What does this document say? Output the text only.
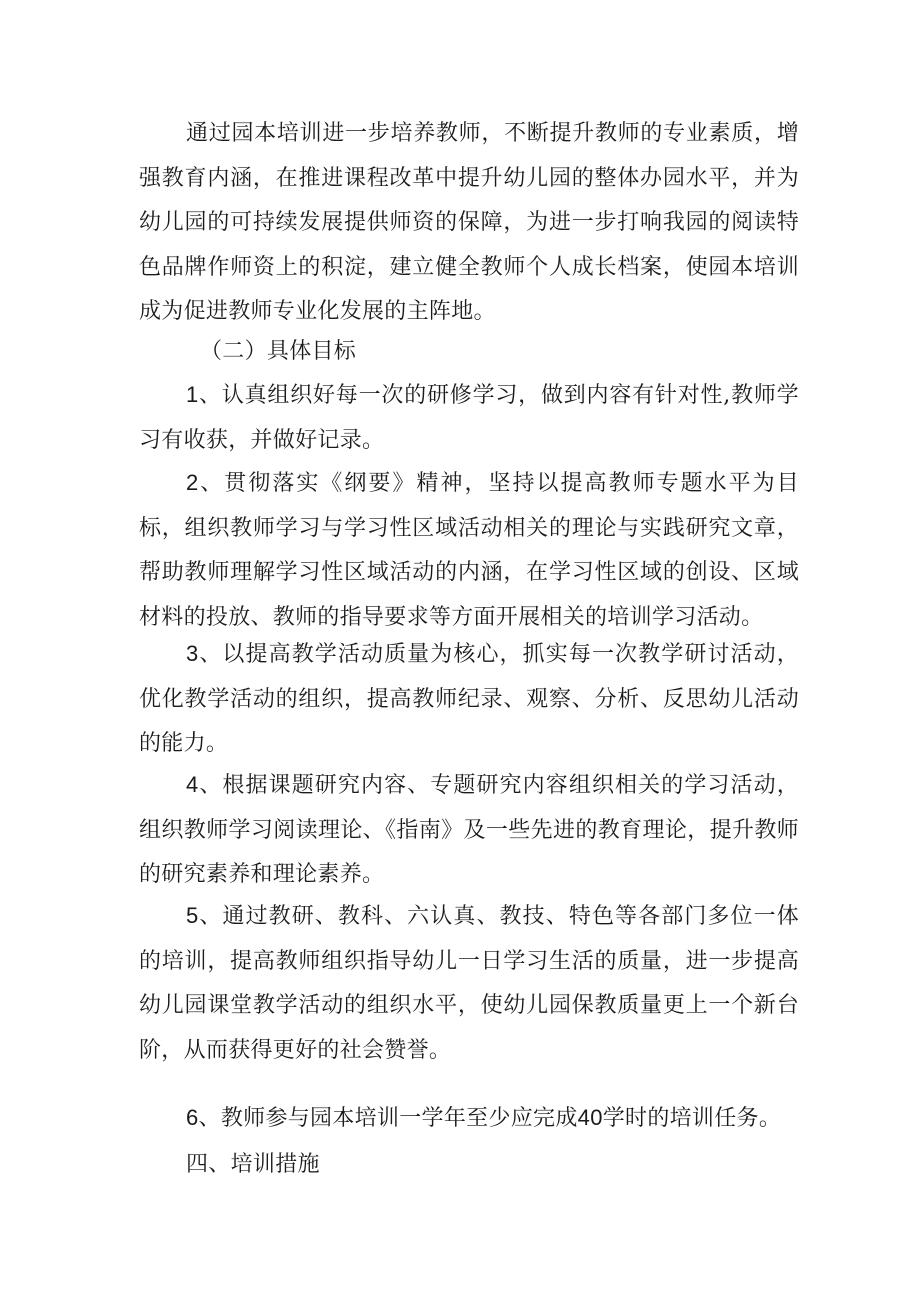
通过园本培训进一步培养教师，不断提升教师的专业素质，增强教育内涵，在推进课程改革中提升幼儿园的整体办园水平，并为幼儿园的可持续发展提供师资的保障，为进一步打响我园的阅读特色品牌作师资上的积淀，建立健全教师个人成长档案，使园本培训成为促进教师专业化发展的主阵地。

（二）具体目标

1、认真组织好每一次的研修学习，做到内容有针对性,教师学习有收获，并做好记录。

2、贯彻落实《纲要》精神，坚持以提高教师专题水平为目标，组织教师学习与学习性区域活动相关的理论与实践研究文章，帮助教师理解学习性区域活动的内涵，在学习性区域的创设、区域材料的投放、教师的指导要求等方面开展相关的培训学习活动。

3、以提高教学活动质量为核心，抓实每一次教学研讨活动，优化教学活动的组织，提高教师纪录、观察、分析、反思幼儿活动的能力。

4、根据课题研究内容、专题研究内容组织相关的学习活动，组织教师学习阅读理论、《指南》及一些先进的教育理论，提升教师的研究素养和理论素养。

5、通过教研、教科、六认真、教技、特色等各部门多位一体的培训，提高教师组织指导幼儿一日学习生活的质量，进一步提高幼儿园课堂教学活动的组织水平，使幼儿园保教质量更上一个新台阶，从而获得更好的社会赞誉。

6、教师参与园本培训一学年至少应完成40学时的培训任务。

四、培训措施
